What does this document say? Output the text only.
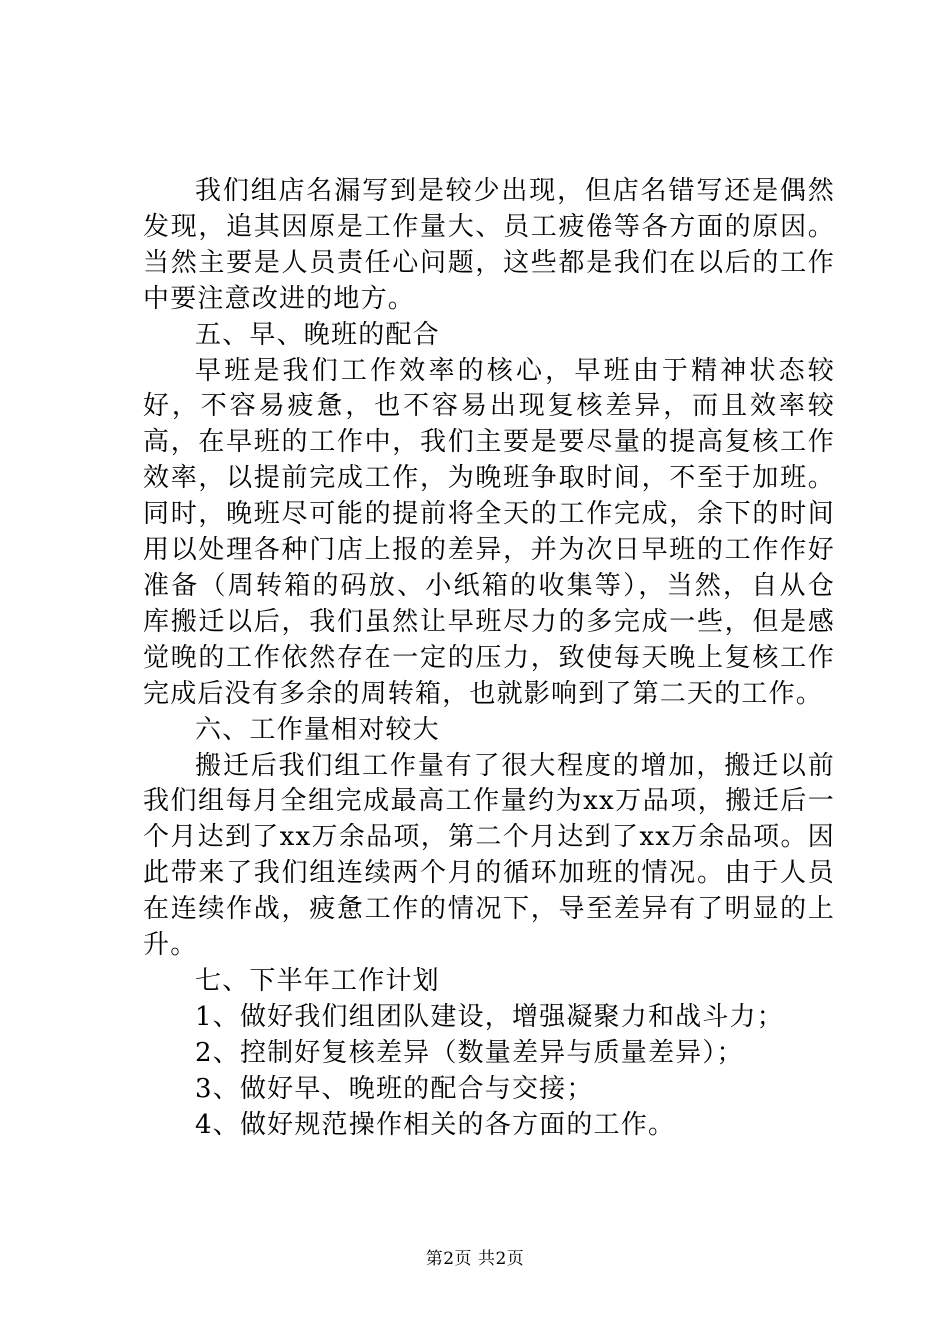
我们组店名漏写到是较少出现，但店名错写还是偶然发现，追其因原是工作量大、员工疲倦等各方面的原因。当然主要是人员责任心问题，这些都是我们在以后的工作中要注意改进的地方。

五、早、晚班的配合

早班是我们工作效率的核心，早班由于精神状态较好，不容易疲惫，也不容易出现复核差异，而且效率较高，在早班的工作中，我们主要是要尽量的提高复核工作效率，以提前完成工作，为晚班争取时间，不至于加班。同时，晚班尽可能的提前将全天的工作完成，余下的时间用以处理各种门店上报的差异，并为次日早班的工作作好准备（周转箱的码放、小纸箱的收集等），当然，自从仓库搬迁以后，我们虽然让早班尽力的多完成一些，但是感觉晚的工作依然存在一定的压力，致使每天晚上复核工作完成后没有多余的周转箱，也就影响到了第二天的工作。

六、工作量相对较大

搬迁后我们组工作量有了很大程度的增加，搬迁以前我们组每月全组完成最高工作量约为xx万品项，搬迁后一个月达到了xx万余品项，第二个月达到了xx万余品项。因此带来了我们组连续两个月的循环加班的情况。由于人员在连续作战，疲惫工作的情况下，导至差异有了明显的上升。

七、下半年工作计划

1、做好我们组团队建设，增强凝聚力和战斗力；

2、控制好复核差异（数量差异与质量差异）；

3、做好早、晚班的配合与交接；

4、做好规范操作相关的各方面的工作。

第2页 共2页
